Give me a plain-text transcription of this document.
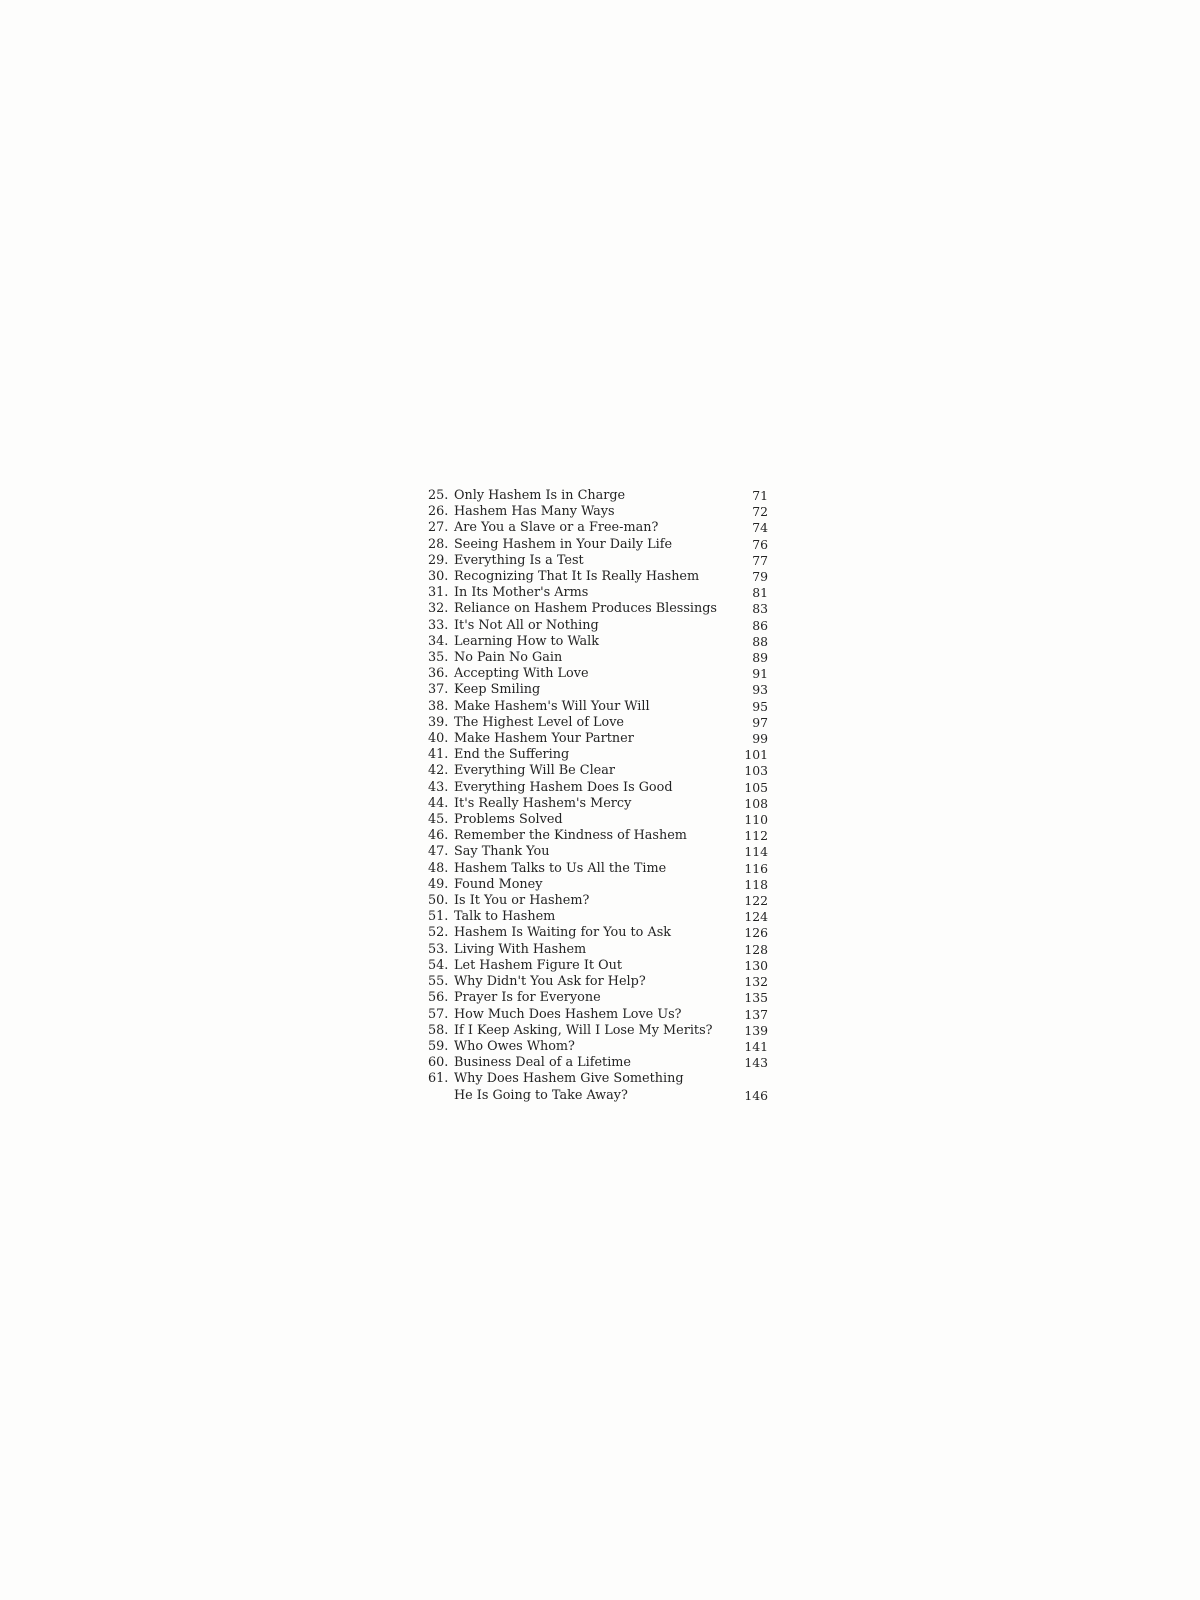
25. Only Hashem Is in Charge	71
26. Hashem Has Many Ways	72
27. Are You a Slave or a Free-man?	74
28. Seeing Hashem in Your Daily Life	76
29. Everything Is a Test	77
30. Recognizing That It Is Really Hashem	79
31. In Its Mother's Arms	81
32. Reliance on Hashem Produces Blessings	83
33. It's Not All or Nothing	86
34. Learning How to Walk	88
35. No Pain No Gain	89
36. Accepting With Love	91
37. Keep Smiling	93
38. Make Hashem's Will Your Will	95
39. The Highest Level of Love	97
40. Make Hashem Your Partner	99
41. End the Suffering	101
42. Everything Will Be Clear	103
43. Everything Hashem Does Is Good	105
44. It's Really Hashem's Mercy	108
45. Problems Solved	110
46. Remember the Kindness of Hashem	112
47. Say Thank You	114
48. Hashem Talks to Us All the Time	116
49. Found Money	118
50. Is It You or Hashem?	122
51. Talk to Hashem	124
52. Hashem Is Waiting for You to Ask	126
53. Living With Hashem	128
54. Let Hashem Figure It Out	130
55. Why Didn't You Ask for Help?	132
56. Prayer Is for Everyone	135
57. How Much Does Hashem Love Us?	137
58. If I Keep Asking, Will I Lose My Merits?	139
59. Who Owes Whom?	141
60. Business Deal of a Lifetime	143
61. Why Does Hashem Give Something
He Is Going to Take Away?	146
